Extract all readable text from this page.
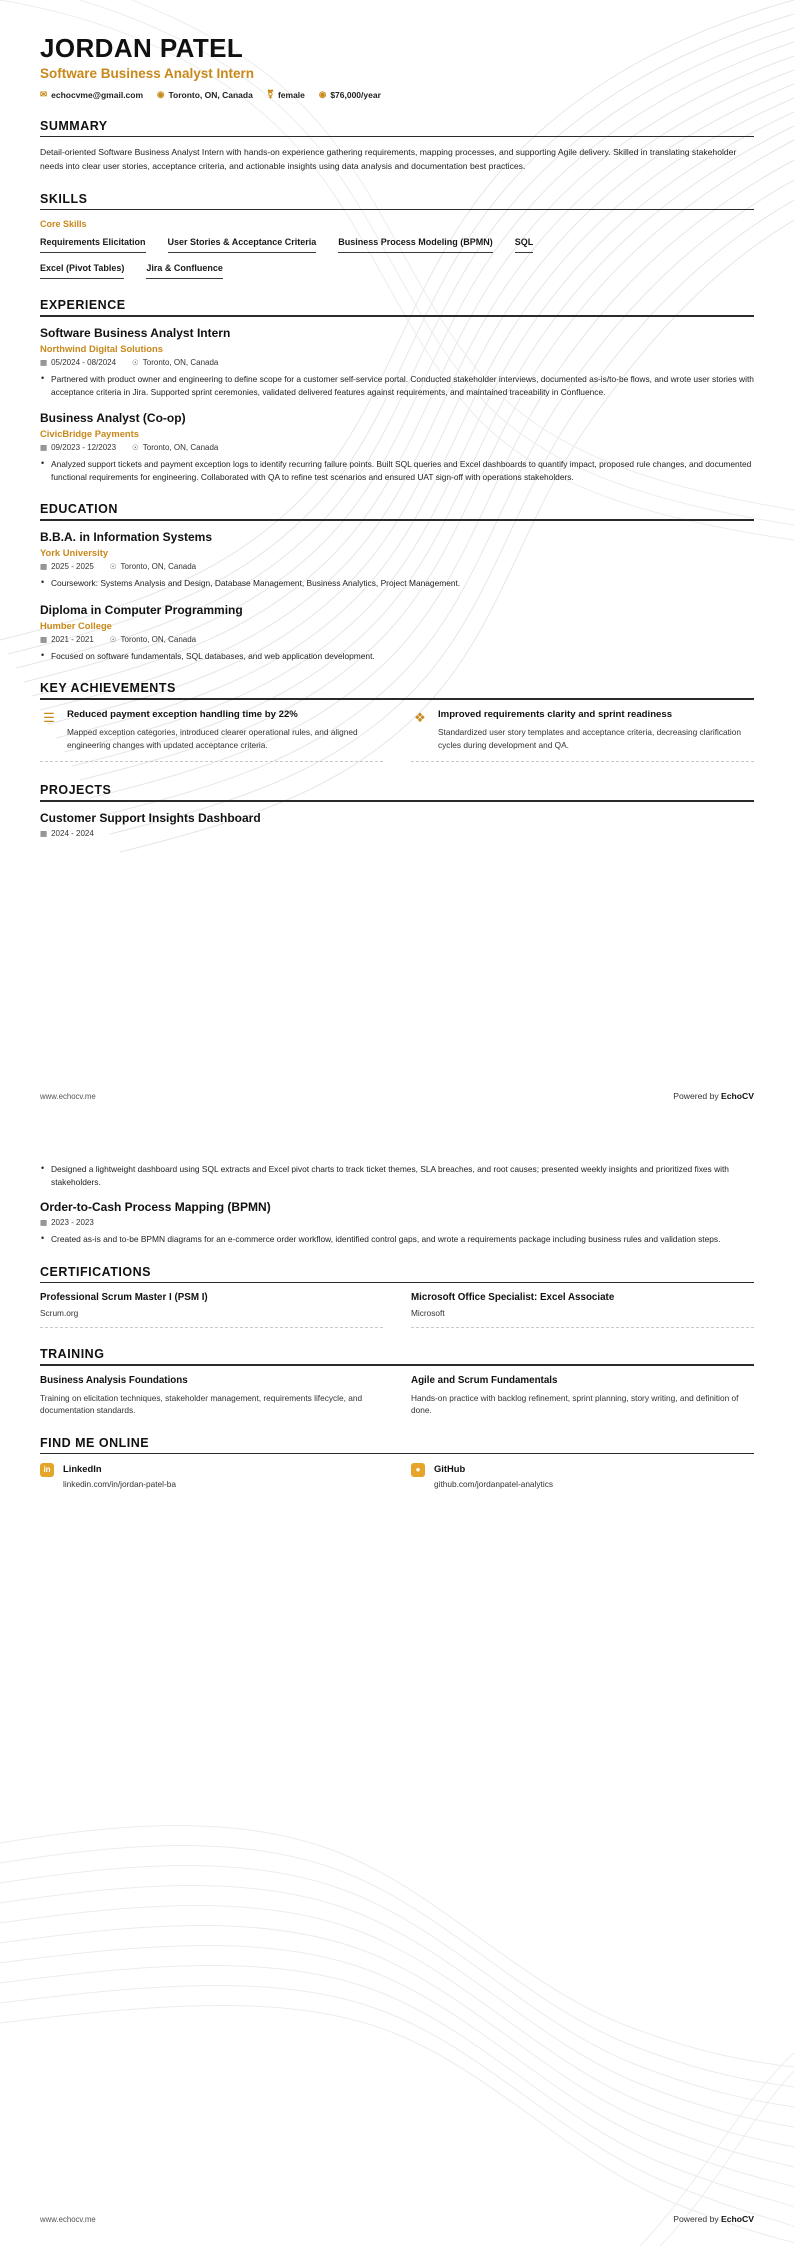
JORDAN PATEL
Software Business Analyst Intern
✉ echocvme@gmail.com ◉ Toronto, ON, Canada ⚧ female ◉ $76,000/year
SUMMARY

Detail-oriented Software Business Analyst Intern with hands-on experience gathering requirements, mapping processes, and supporting Agile delivery. Skilled in translating stakeholder needs into clear user stories, acceptance criteria, and actionable insights using data analysis and documentation best practices.

SKILLS
Core Skills
Requirements Elicitation User Stories & Acceptance Criteria Business Process Modeling (BPMN) SQL
Excel (Pivot Tables) Jira & Confluence
EXPERIENCE
Software Business Analyst Intern
Northwind Digital Solutions
▦ 05/2024 - 08/2024 ☉ Toronto, ON, Canada
• Partnered with product owner and engineering to define scope for a customer self-service portal. Conducted stakeholder interviews, documented as-is/to-be flows, and wrote user stories with acceptance criteria in Jira. Supported sprint ceremonies, validated delivered features against requirements, and maintained traceability in Confluence.
Business Analyst (Co-op)
CivicBridge Payments
▦ 09/2023 - 12/2023 ☉ Toronto, ON, Canada
• Analyzed support tickets and payment exception logs to identify recurring failure points. Built SQL queries and Excel dashboards to quantify impact, proposed rule changes, and documented functional requirements for engineering. Collaborated with QA to refine test scenarios and ensured UAT sign-off with operations stakeholders.
EDUCATION
B.B.A. in Information Systems
York University
▦ 2025 - 2025 ☉ Toronto, ON, Canada
• Coursework: Systems Analysis and Design, Database Management, Business Analytics, Project Management.
Diploma in Computer Programming
Humber College
▦ 2021 - 2021 ☉ Toronto, ON, Canada
• Focused on software fundamentals, SQL databases, and web application development.
KEY ACHIEVEMENTS
☰	Reduced payment exception handling time by 22%
Mapped exception categories, introduced clearer operational rules, and aligned engineering changes with updated acceptance criteria.
❖	Improved requirements clarity and sprint readiness
Standardized user story templates and acceptance criteria, decreasing clarification cycles during development and QA.
PROJECTS
Customer Support Insights Dashboard
▦ 2024 - 2024
www.echocv.me	Powered by EchoCV
• Designed a lightweight dashboard using SQL extracts and Excel pivot charts to track ticket themes, SLA breaches, and root causes; presented weekly insights and prioritized fixes with stakeholders.
Order-to-Cash Process Mapping (BPMN)
▦ 2023 - 2023
• Created as-is and to-be BPMN diagrams for an e-commerce order workflow, identified control gaps, and wrote a requirements package including business rules and validation steps.
CERTIFICATIONS
Professional Scrum Master I (PSM I)
Scrum.org
Microsoft Office Specialist: Excel Associate
Microsoft
TRAINING
Business Analysis Foundations
Training on elicitation techniques, stakeholder management, requirements lifecycle, and documentation standards.
Agile and Scrum Fundamentals
Hands-on practice with backlog refinement, sprint planning, story writing, and definition of done.
FIND ME ONLINE
in	LinkedIn
linkedin.com/in/jordan-patel-ba
●	GitHub
github.com/jordanpatel-analytics
www.echocv.me	Powered by EchoCV
